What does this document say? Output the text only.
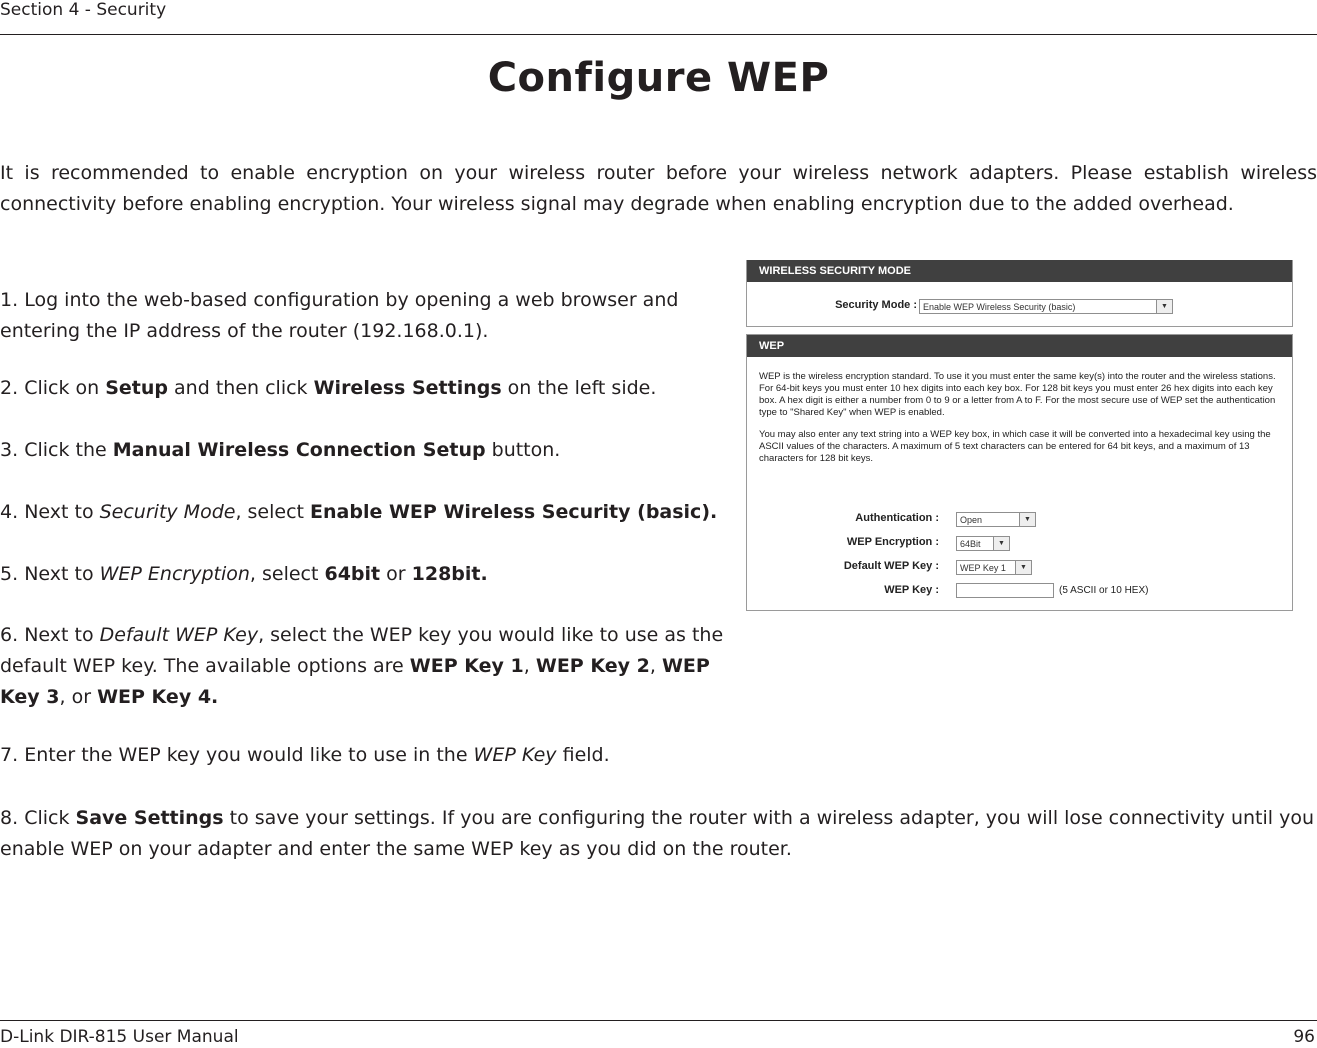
Section 4 - Security
Configure WEP

It is recommended to enable encryption on your wireless router before your wireless network adapters. Please establish wireless connectivity before enabling encryption. Your wireless signal may degrade when enabling encryption due to the added overhead.

1. Log into the web-based configuration by opening a web browser and entering the IP address of the router (192.168.0.1).

2. Click on Setup and then click Wireless Settings on the left side.

3. Click the Manual Wireless Connection Setup button.

4. Next to Security Mode, select Enable WEP Wireless Security (basic).

5. Next to WEP Encryption, select 64bit or 128bit.

6. Next to Default WEP Key, select the WEP key you would like to use as the default WEP key. The available options are WEP Key 1, WEP Key 2, WEP Key 3, or WEP Key 4.

7. Enter the WEP key you would like to use in the WEP Key field.

8. Click Save Settings to save your settings. If you are configuring the router with a wireless adapter, you will lose connectivity until you enable WEP on your adapter and enter the same WEP key as you did on the router.

WIRELESS SECURITY MODE
Security Mode : Enable WEP Wireless Security (basic)	▼
WEP

WEP is the wireless encryption standard. To use it you must enter the same key(s) into the router and the wireless stations. For 64-bit keys you must enter 10 hex digits into each key box. For 128 bit keys you must enter 26 hex digits into each key box. A hex digit is either a number from 0 to 9 or a letter from A to F. For the most secure use of WEP set the authentication type to "Shared Key" when WEP is enabled.

You may also enter any text string into a WEP key box, in which case it will be converted into a hexadecimal key using the ASCII values of the characters. A maximum of 5 text characters can be entered for 64 bit keys, and a maximum of 13 characters for 128 bit keys.

Authentication :	Open	▼
WEP Encryption :	64Bit	▼
Default WEP Key :	WEP Key 1	▼
WEP Key :	(5 ASCII or 10 HEX)
D-Link DIR-815 User Manual	96
